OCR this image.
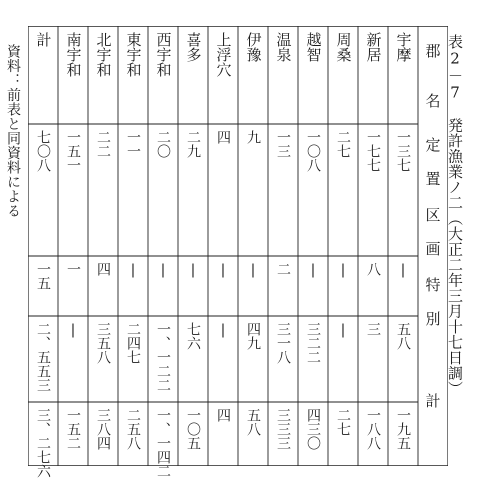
表2－7　発許漁業ノ二（大正二年三月十七日調）
資料：前表と同資料による	郡
名
定
置
区
画
特
別
計
宇摩
一三七
|
五八
一九五
新居
一七七
八
三
一八八
周桑
二七
|
|
二七
越智
一〇八
|
三二二
四三〇
温泉
一三
二
三一八
三三三
伊豫
九
|
四九
五八
上浮穴
四
|
|
四
喜多
二九
|
七六
一〇五
西宇和
二〇
|
一、一二二
一、一四二
東宇和
一一
|
二四七
二五八
北宇和
二二
四
三五八
三八四
南宇和
一五一
一
|
一五二
計
七〇八
一五
二、五五三
三、二七六
